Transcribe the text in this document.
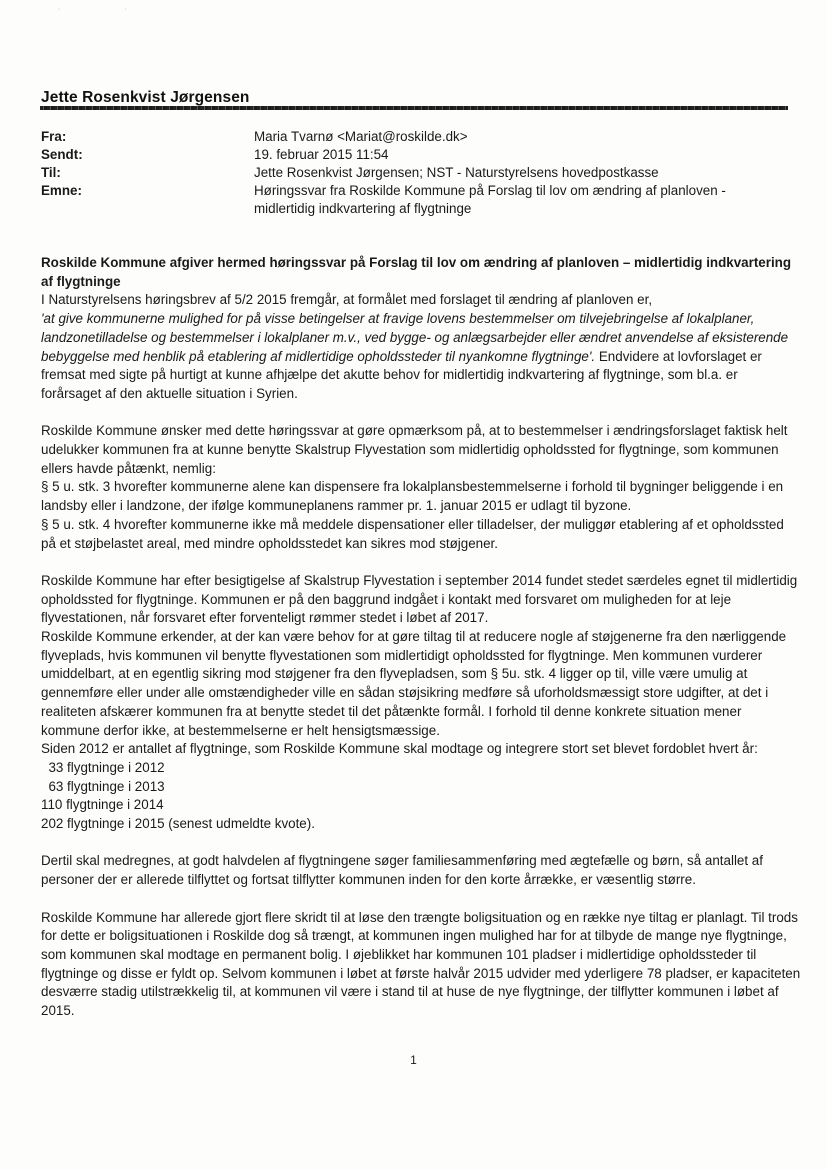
·  ·
Jette Rosenkvist Jørgensen
Fra:	Maria Tvarnø <Mariat@roskilde.dk>
Sendt:	19. februar 2015 11:54
Til:	Jette Rosenkvist Jørgensen; NST - Naturstyrelsens hovedpostkasse
Emne:	Høringssvar fra Roskilde Kommune på Forslag til lov om ændring af planloven -
midlertidig indkvartering af flygtninge

Roskilde Kommune afgiver hermed høringssvar på Forslag til lov om ændring af planloven – midlertidig indkvartering af flygtninge

I Naturstyrelsens høringsbrev af 5/2 2015 fremgår, at formålet med forslaget til ændring af planloven er,
'at give kommunerne mulighed for på visse betingelser at fravige lovens bestemmelser om tilvejebringelse af lokalplaner, landzonetilladelse og bestemmelser i lokalplaner m.v., ved bygge- og anlægsarbejder eller ændret anvendelse af eksisterende bebyggelse med henblik på etablering af midlertidige opholdssteder til nyankomne flygtninge'. Endvidere at lovforslaget er fremsat med sigte på hurtigt at kunne afhjælpe det akutte behov for midlertidig indkvartering af flygtninge, som bl.a. er forårsaget af den aktuelle situation i Syrien.

Roskilde Kommune ønsker med dette høringssvar at gøre opmærksom på, at to bestemmelser i ændringsforslaget faktisk helt udelukker kommunen fra at kunne benytte Skalstrup Flyvestation som midlertidig opholdssted for flygtninge, som kommunen ellers havde påtænkt, nemlig:

§ 5 u. stk. 3 hvorefter kommunerne alene kan dispensere fra lokalplansbestemmelserne i forhold til bygninger beliggende i en landsby eller i landzone, der ifølge kommuneplanens rammer pr. 1. januar 2015 er udlagt til byzone.

§ 5 u. stk. 4 hvorefter kommunerne ikke må meddele dispensationer eller tilladelser, der muliggør etablering af et opholdssted på et støjbelastet areal, med mindre opholdsstedet kan sikres mod støjgener.

Roskilde Kommune har efter besigtigelse af Skalstrup Flyvestation i september 2014 fundet stedet særdeles egnet til midlertidig opholdssted for flygtninge. Kommunen er på den baggrund indgået i kontakt med forsvaret om muligheden for at leje flyvestationen, når forsvaret efter forventeligt rømmer stedet i løbet af 2017.

Roskilde Kommune erkender, at der kan være behov for at gøre tiltag til at reducere nogle af støjgenerne fra den nærliggende flyveplads, hvis kommunen vil benytte flyvestationen som midlertidigt opholdssted for flygtninge. Men kommunen vurderer umiddelbart, at en egentlig sikring mod støjgener fra den flyvepladsen, som § 5u. stk. 4 ligger op til, ville være umulig at gennemføre eller under alle omstændigheder ville en sådan støjsikring medføre så uforholdsmæssigt store udgifter, at det i realiteten afskærer kommunen fra at benytte stedet til det påtænkte formål. I forhold til denne konkrete situation mener kommune derfor ikke, at bestemmelserne er helt hensigtsmæssige.

Siden 2012 er antallet af flygtninge, som Roskilde Kommune skal modtage og integrere stort set blevet fordoblet hvert år:

33 flygtninge i 2012

63 flygtninge i 2013

110 flygtninge i 2014

202 flygtninge i 2015 (senest udmeldte kvote).

Dertil skal medregnes, at godt halvdelen af flygtningene søger familiesammenføring med ægtefælle og børn, så antallet af personer der er allerede tilflyttet og fortsat tilflytter kommunen inden for den korte årrække, er væsentlig større.

Roskilde Kommune har allerede gjort flere skridt til at løse den trængte boligsituation og en række nye tiltag er planlagt. Til trods for dette er boligsituationen i Roskilde dog så trængt, at kommunen ingen mulighed har for at tilbyde de mange nye flygtninge, som kommunen skal modtage en permanent bolig. I øjeblikket har kommunen 101 pladser i midlertidige opholdssteder til flygtninge og disse er fyldt op. Selvom kommunen i løbet at første halvår 2015 udvider med yderligere 78 pladser, er kapaciteten desværre stadig utilstrækkelig til, at kommunen vil være i stand til at huse de nye flygtninge, der tilflytter kommunen i løbet af 2015.

1
